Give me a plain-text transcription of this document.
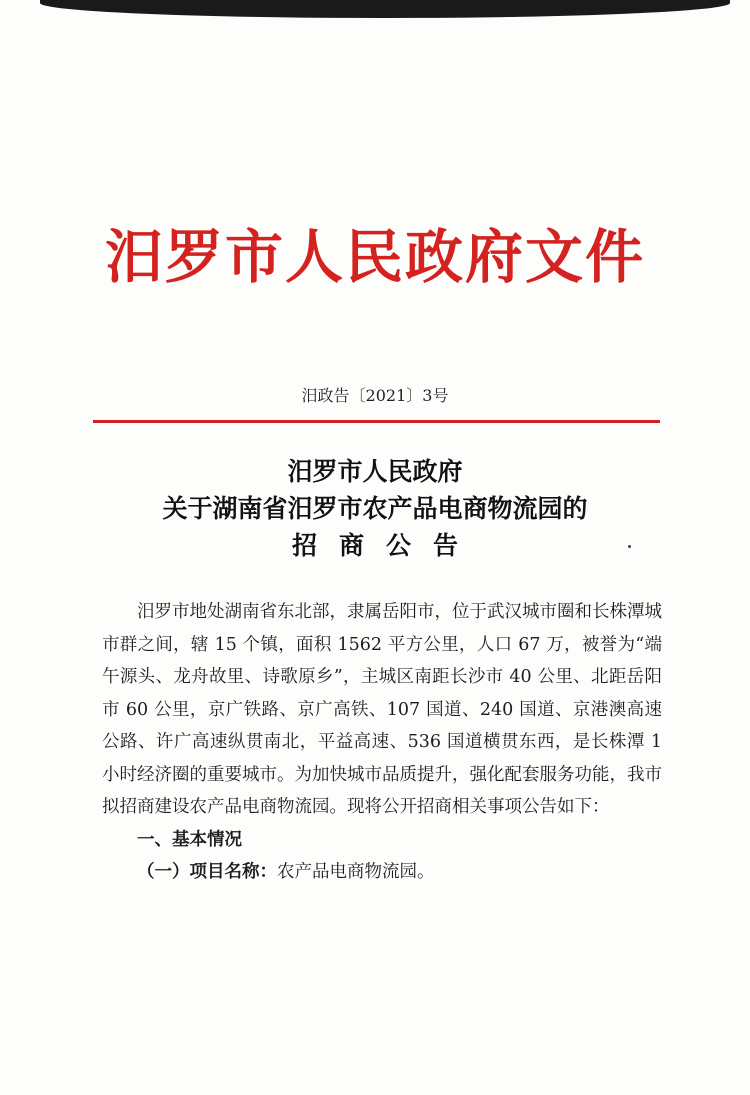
汨罗市人民政府文件
汨政告〔2021〕3号
汨罗市人民政府
关于湖南省汨罗市农产品电商物流园的
招商公告

汨罗市地处湖南省东北部，隶属岳阳市，位于武汉城市圈和长株潭城市群之间，辖 15 个镇，面积 1562 平方公里，人口 67 万，被誉为“端午源头、龙舟故里、诗歌原乡”，主城区南距长沙市 40 公里、北距岳阳市 60 公里，京广铁路、京广高铁、107 国道、240 国道、京港澳高速公路、许广高速纵贯南北，平益高速、536 国道横贯东西，是长株潭 1 小时经济圈的重要城市。为加快城市品质提升，强化配套服务功能，我市拟招商建设农产品电商物流园。现将公开招商相关事项公告如下：

一、基本情况

（一）项目名称：农产品电商物流园。
